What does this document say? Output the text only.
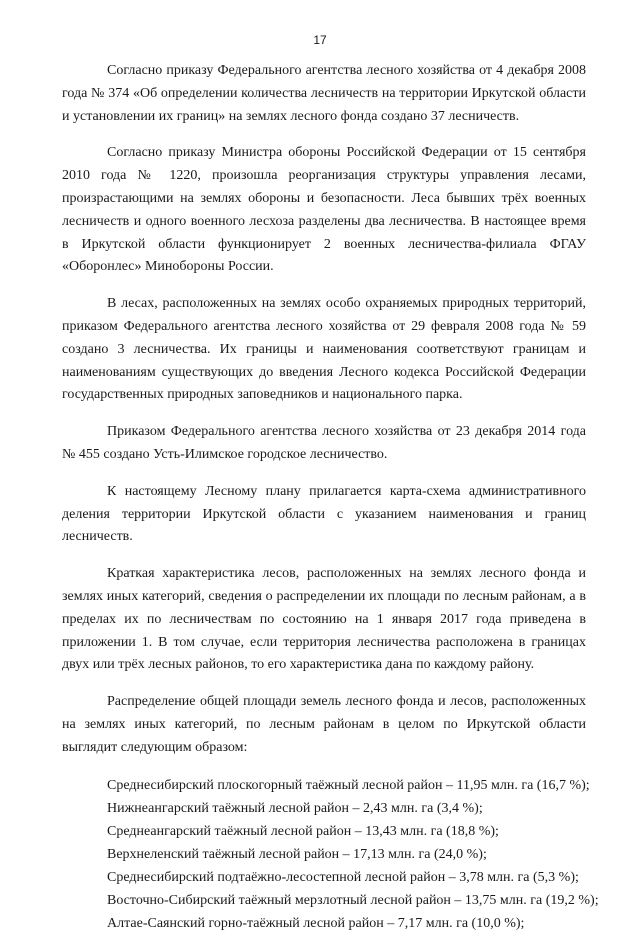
17

Согласно приказу Федерального агентства лесного хозяйства от 4 декабря 2008 года № 374 «Об определении количества лесничеств на территории Иркутской области и установлении их границ» на землях лесного фонда создано 37 лесничеств.

Согласно приказу Министра обороны Российской Федерации от 15 сентября 2010 года № 1220, произошла реорганизация структуры управления лесами, произрастающими на землях обороны и безопасности. Леса бывших трёх военных лесничеств и одного военного лесхоза разделены два лесничества. В настоящее время в Иркутской области функционирует 2 военных лесничества-филиала ФГАУ «Оборонлес» Минобороны России.

В лесах, расположенных на землях особо охраняемых природных территорий, приказом Федерального агентства лесного хозяйства от 29 февраля 2008 года № 59 создано 3 лесничества. Их границы и наименования соответствуют границам и наименованиям существующих до введения Лесного кодекса Российской Федерации государственных природных заповедников и национального парка.

Приказом Федерального агентства лесного хозяйства от 23 декабря 2014 года № 455 создано Усть-Илимское городское лесничество.

К настоящему Лесному плану прилагается карта-схема административного деления территории Иркутской области с указанием наименования и границ лесничеств.

Краткая характеристика лесов, расположенных на землях лесного фонда и землях иных категорий, сведения о распределении их площади по лесным районам, а в пределах их по лесничествам по состоянию на 1 января 2017 года приведена в приложении 1. В том случае, если территория лесничества расположена в границах двух или трёх лесных районов, то его характеристика дана по каждому району.

Распределение общей площади земель лесного фонда и лесов, расположенных на землях иных категорий, по лесным районам в целом по Иркутской области выглядит следующим образом:

Среднесибирский плоскогорный таёжный лесной район – 11,95 млн. га (16,7 %);
Нижнеангарский таёжный лесной район – 2,43 млн. га (3,4 %);
Среднеангарский таёжный лесной район – 13,43 млн. га (18,8 %);
Верхнеленский таёжный лесной район – 17,13 млн. га (24,0 %);
Среднесибирский подтаёжно-лесостепной лесной район – 3,78 млн. га (5,3 %);
Восточно-Сибирский таёжный мерзлотный лесной район – 13,75 млн. га (19,2 %);
Алтае-Саянский горно-таёжный лесной район – 7,17 млн. га (10,0 %);
